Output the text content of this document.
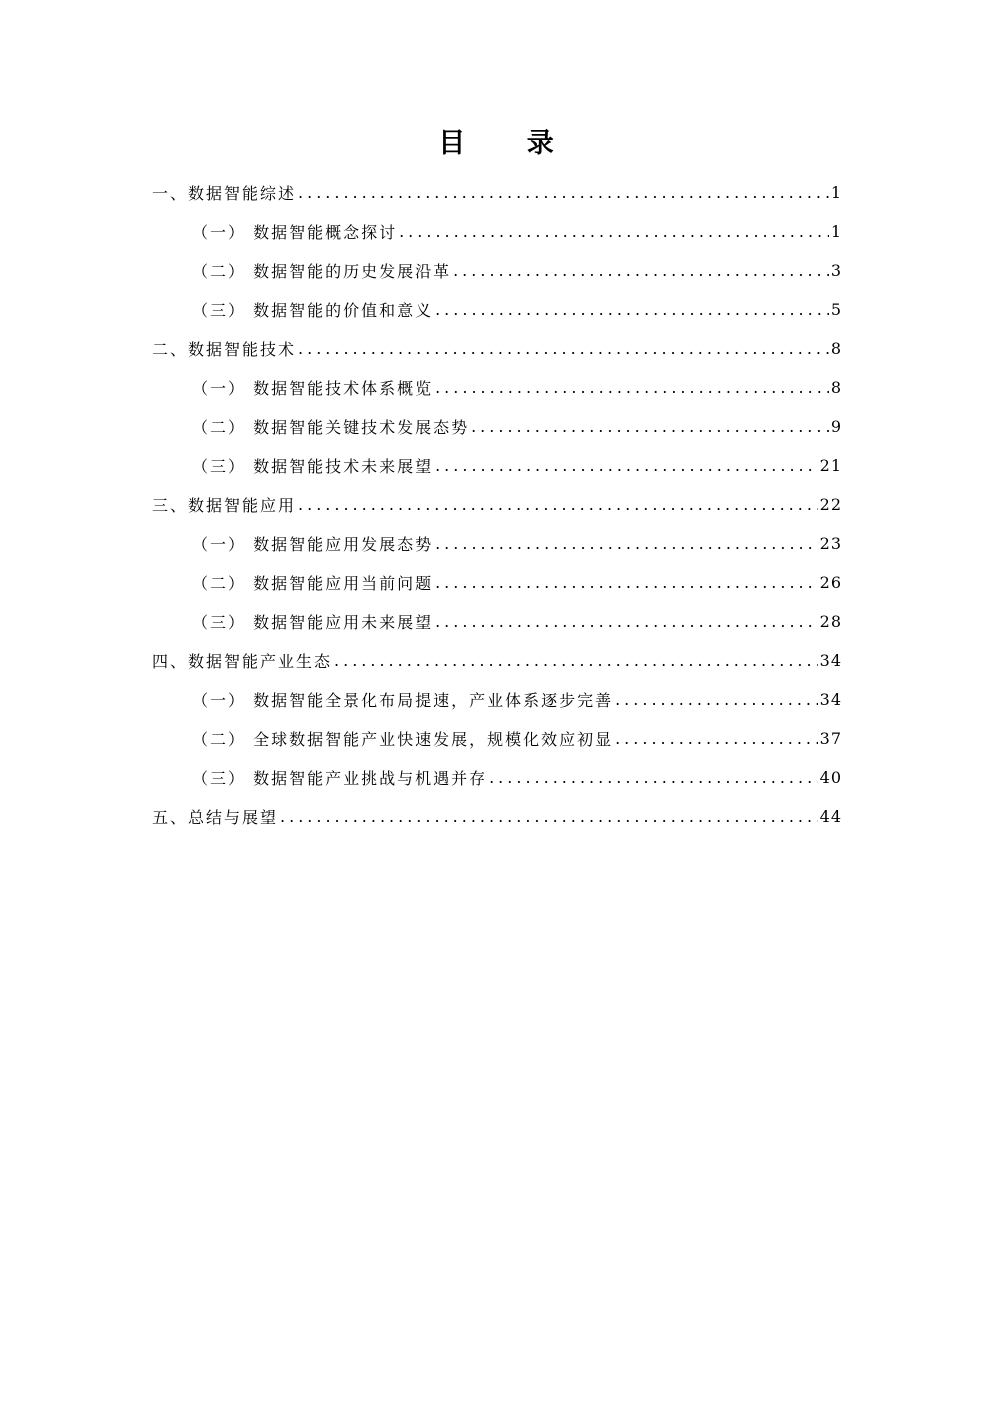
目 录
一、数据智能综述 .....	1
（一） 数据智能概念探讨 .....	1
（二） 数据智能的历史发展沿革 .....	3
（三） 数据智能的价值和意义 .....	5
二、数据智能技术 .....	8
（一） 数据智能技术体系概览 .....	8
（二） 数据智能关键技术发展态势 .....	9
（三） 数据智能技术未来展望 .....	21
三、数据智能应用 .....	22
（一） 数据智能应用发展态势 .....	23
（二） 数据智能应用当前问题 .....	26
（三） 数据智能应用未来展望 .....	28
四、数据智能产业生态 .....	34
（一） 数据智能全景化布局提速，产业体系逐步完善 .....	34
（二） 全球数据智能产业快速发展，规模化效应初显 .....	37
（三） 数据智能产业挑战与机遇并存 .....	40
五、总结与展望 .....	44
